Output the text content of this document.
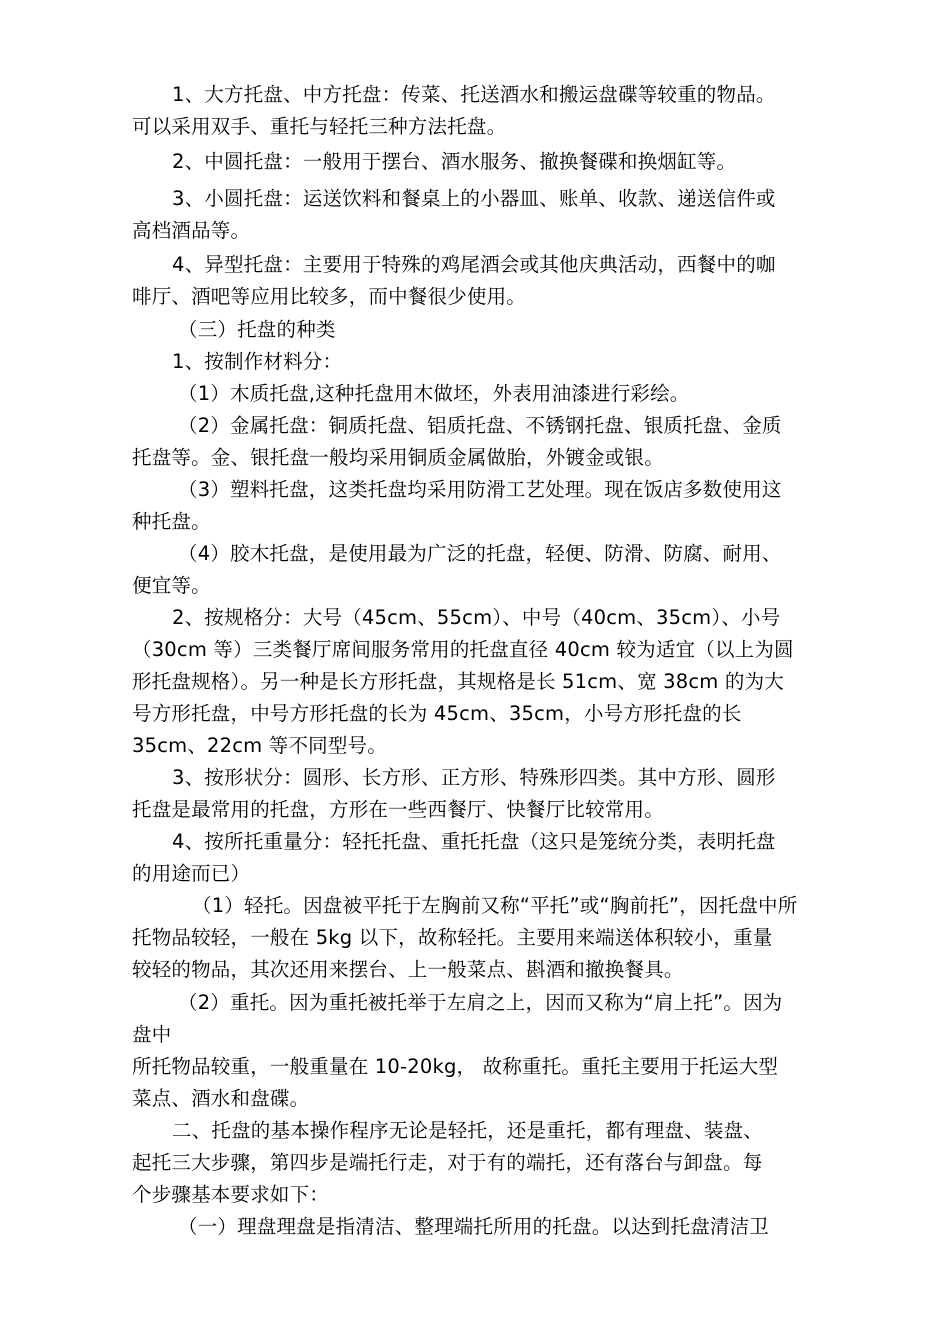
1、大方托盘、中方托盘：传菜、托送酒水和搬运盘碟等较重的物品。

可以采用双手、重托与轻托三种方法托盘。

2、中圆托盘：一般用于摆台、酒水服务、撤换餐碟和换烟缸等。

3、小圆托盘：运送饮料和餐桌上的小器皿、账单、收款、递送信件或

高档酒品等。

4、异型托盘：主要用于特殊的鸡尾酒会或其他庆典活动，西餐中的咖

啡厅、酒吧等应用比较多，而中餐很少使用。

（三）托盘的种类

1、按制作材料分：

（1）木质托盘,这种托盘用木做坯，外表用油漆进行彩绘。

（2）金属托盘：铜质托盘、铝质托盘、不锈钢托盘、银质托盘、金质

托盘等。金、银托盘一般均采用铜质金属做胎，外镀金或银。

（3）塑料托盘，这类托盘均采用防滑工艺处理。现在饭店多数使用这

种托盘。

（4）胶木托盘，是使用最为广泛的托盘，轻便、防滑、防腐、耐用、

便宜等。

2、按规格分：大号（45cm、55cm）、中号（40cm、35cm）、小号

（30cm 等）三类餐厅席间服务常用的托盘直径 40cm 较为适宜（以上为圆

形托盘规格）。另一种是长方形托盘，其规格是长 51cm、宽 38cm 的为大

号方形托盘，中号方形托盘的长为 45cm、35cm，小号方形托盘的长

35cm、22cm 等不同型号。

3、按形状分：圆形、长方形、正方形、特殊形四类。其中方形、圆形

托盘是最常用的托盘，方形在一些西餐厅、快餐厅比较常用。

4、按所托重量分：轻托托盘、重托托盘（这只是笼统分类，表明托盘

的用途而已）

（1）轻托。因盘被平托于左胸前又称“平托”或“胸前托”，因托盘中所

托物品较轻，一般在 5kg 以下，故称轻托。主要用来端送体积较小，重量

较轻的物品，其次还用来摆台、上一般菜点、斟酒和撤换餐具。

（2）重托。因为重托被托举于左肩之上，因而又称为“肩上托”。因为

盘中

所托物品较重，一般重量在 10-20kg， 故称重托。重托主要用于托运大型

菜点、酒水和盘碟。

二、托盘的基本操作程序无论是轻托，还是重托，都有理盘、装盘、

起托三大步骤，第四步是端托行走，对于有的端托，还有落台与卸盘。每

个步骤基本要求如下：

（一）理盘理盘是指清洁、整理端托所用的托盘。以达到托盘清洁卫
